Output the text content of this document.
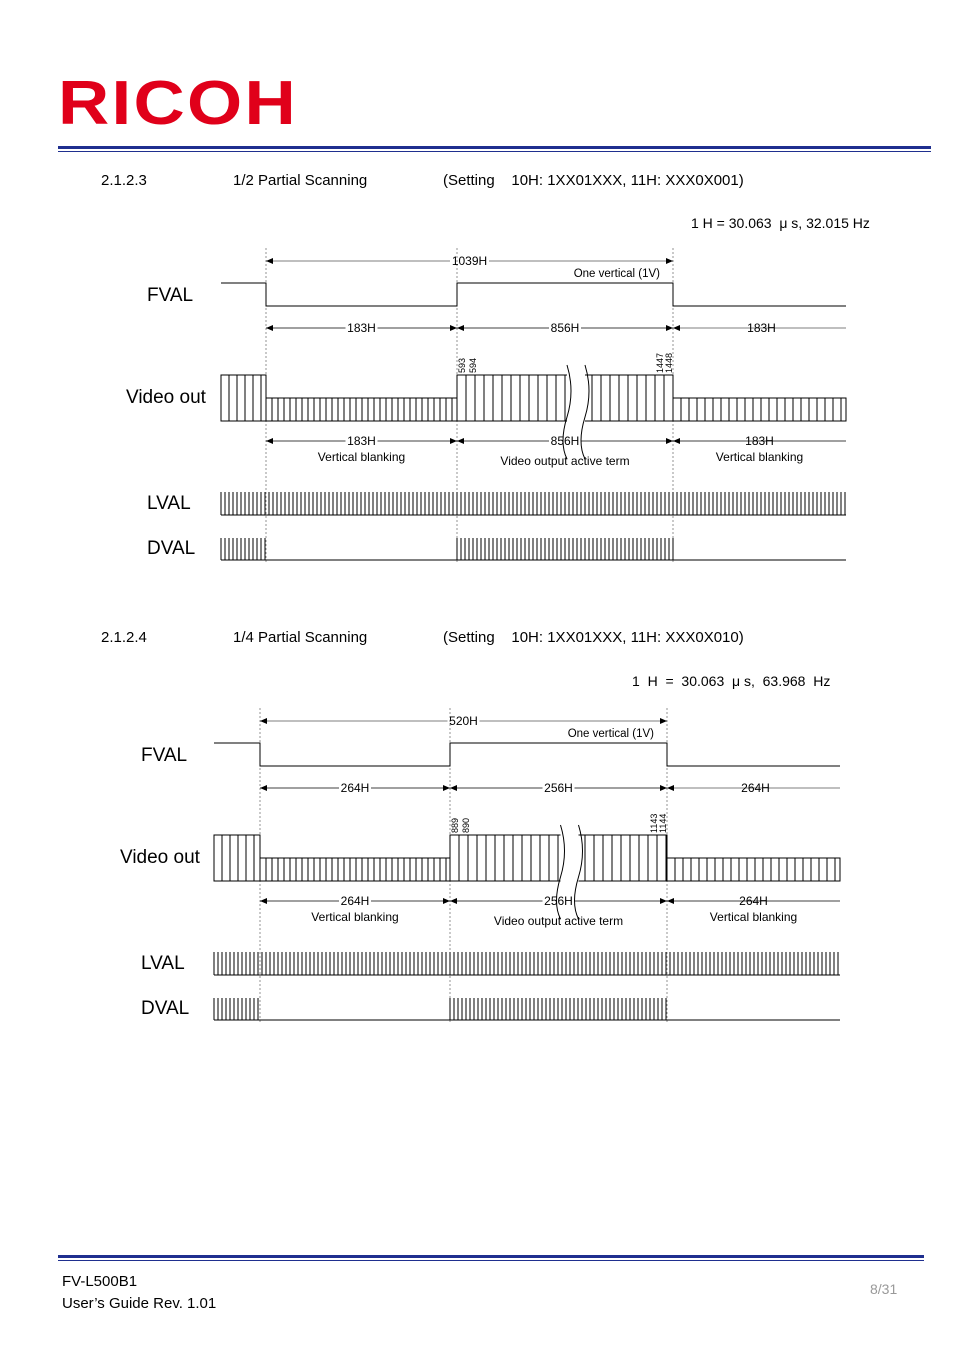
RICOH
2.1.2.3	1/2 Partial Scanning	(Setting    10H: 1XX01XXX, 11H: XXX0X001)
1 H = 30.063  μ s, 32.015 Hz
FVAL
Video out
LVAL
DVAL
1039H
One vertical (1V)
183H	856H	183H
593 594	1447 1448
183H	856H	183H
Vertical blanking	Video output active term	Vertical blanking
2.1.2.4	1/4 Partial Scanning	(Setting    10H: 1XX01XXX, 11H: XXX0X010)
1  H  =  30.063  μ s,  63.968  Hz
FVAL
Video out
LVAL
DVAL
520H
One vertical (1V)
264H	256H	264H
889 890	1143 1144
264H	256H	264H
Vertical blanking	Video output active term	Vertical blanking
FV-L500B1
User’s Guide Rev. 1.01
8/31
